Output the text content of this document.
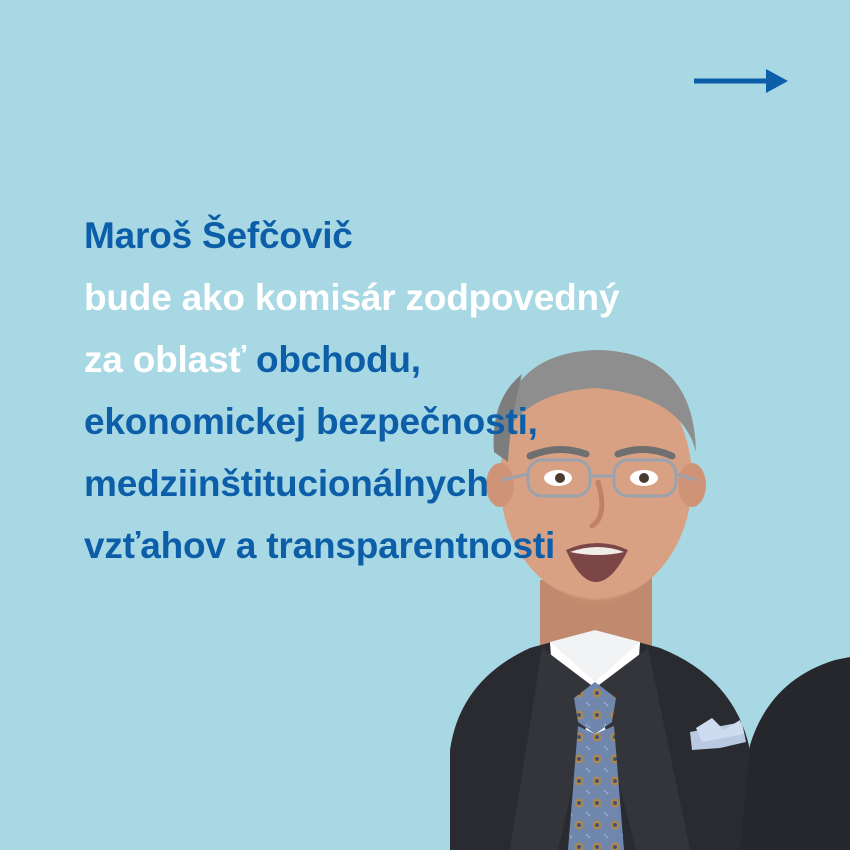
Maroš Šefčovič
bude ako komisár zodpovedný
za oblasť obchodu,
ekonomickej bezpečnosti,
medziinštitucionálnych
vzťahov a transparentnosti
